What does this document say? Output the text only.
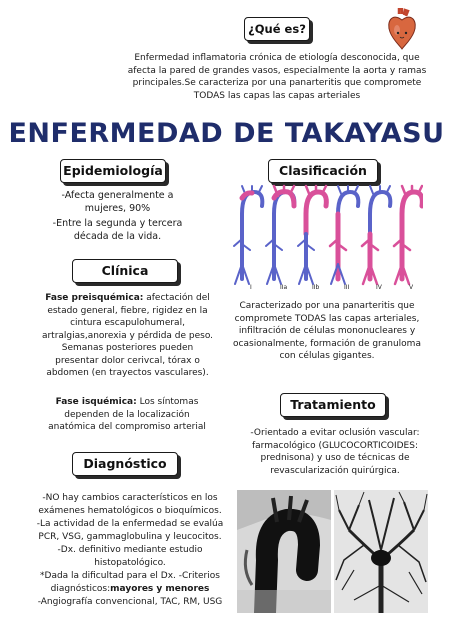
¿Qué es?
Enfermedad inflamatoria crónica de etiología desconocida, que afecta la pared de grandes vasos, especialmente la aorta y ramas principales.Se caracteriza por una panarteritis que compromete TODAS las capas las capas arteriales
ENFERMEDAD DE TAKAYASU
Epidemiología
-Afecta generalmente a mujeres, 90%
-Entre la segunda y tercera década de la vida.
Clasificación
I	IIa	IIb	III	IV	V
Caracterizado por una panarteritis que compromete TODAS las capas arteriales, infiltración de células mononucleares y ocasionalmente, formación de granuloma con células gigantes.
Clínica
Fase preisquémica: afectación del estado general, fiebre, rigidez en la cintura escapulohumeral, artralgias,anorexia y pérdida de peso. Semanas posteriores pueden presentar dolor cerivcal, tórax o abdomen (en trayectos vasculares).
Fase isquémica: Los síntomas dependen de la localización anatómica del compromiso arterial
Tratamiento
-Orientado a evitar oclusión vascular: farmacológico (GLUCOCORTICOIDES: prednisona) y uso de técnicas de revascularización quirúrgica.
Diagnóstico
-NO hay cambios característicos en los exámenes hematológicos o bioquímicos.
-La actividad de la enfermedad se evalúa PCR, VSG, gammaglobulina y leucocitos.
-Dx. definitivo mediante estudio histopatológico.
*Dada la dificultad para el Dx. -Criterios diagnósticos:mayores y menores
-Angiografía convencional, TAC, RM, USG
